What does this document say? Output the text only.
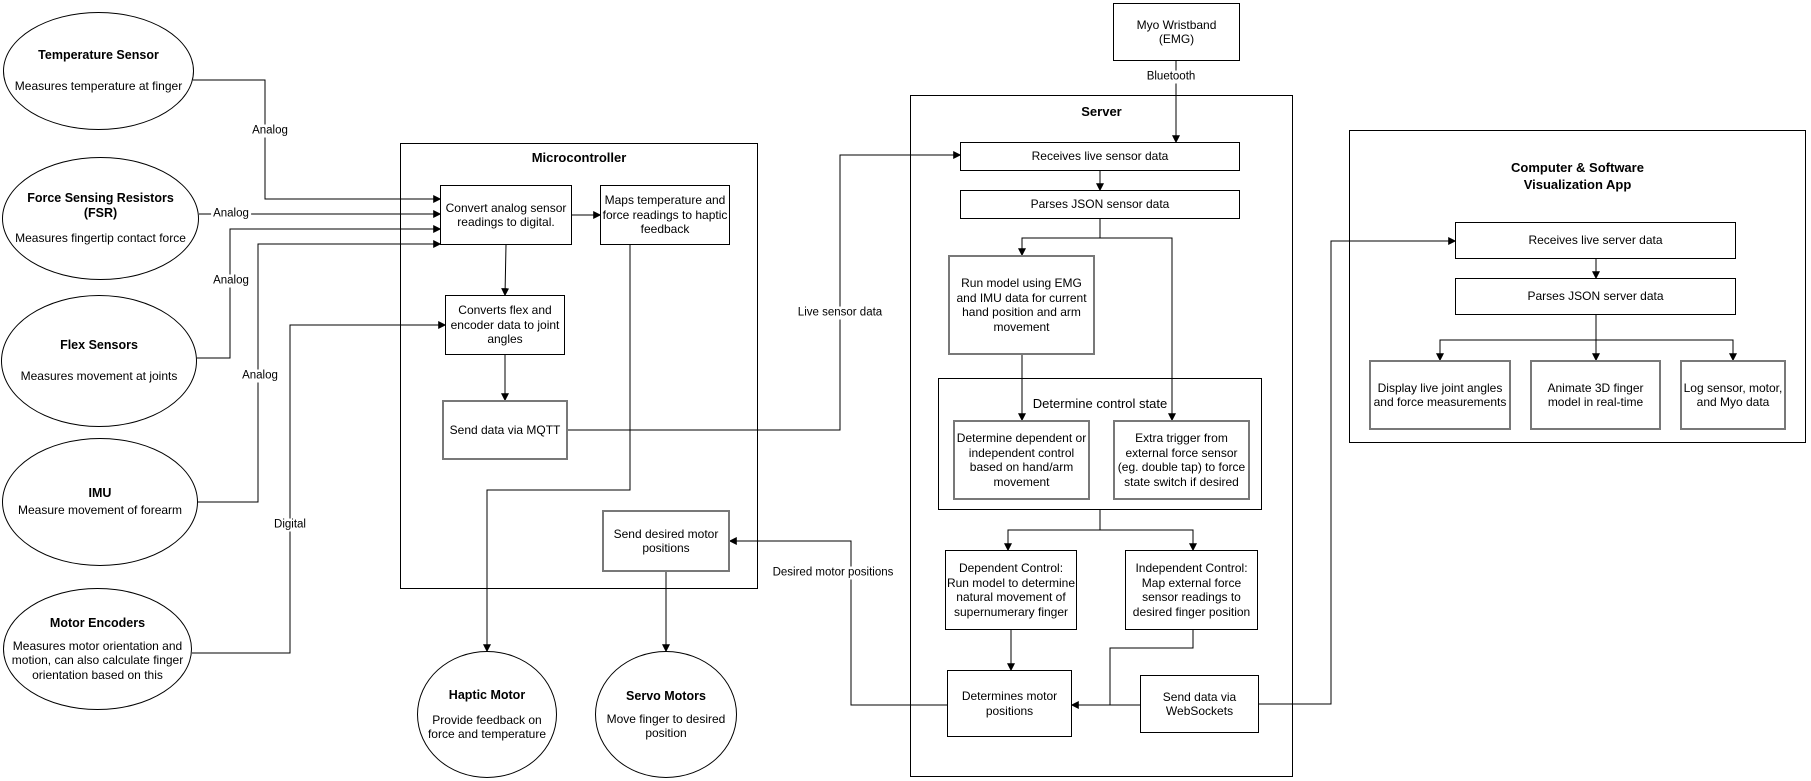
Microcontroller
Server
Computer & Software
Visualization App
Determine control state
Temperature Sensor
Measures temperature at finger
Force Sensing Resistors
(FSR)
Measures fingertip contact force
Flex Sensors
Measures movement at joints
IMU
Measure movement of forearm
Motor Encoders
Measures motor orientation and
motion, can also calculate finger
orientation based on this
Haptic Motor
Provide feedback on
force and temperature
Servo Motors
Move finger to desired
position
Myo Wristband
(EMG)
Convert analog sensor
readings to digital.
Maps temperature and
force readings to haptic
feedback
Converts flex and
encoder data to joint
angles
Send data via MQTT
Send desired motor
positions
Receives live sensor data
Parses JSON sensor data
Run model using EMG
and IMU data for current
hand position and arm
movement
Determine dependent or
independent control
based on hand/arm
movement
Extra trigger from
external force sensor
(eg. double tap) to force
state switch if desired
Dependent Control:
Run model to determine
natural movement of
supernumerary finger
Independent Control:
Map external force
sensor readings to
desired finger position
Determines motor
positions
Send data via
WebSockets
Receives live server data
Parses JSON server data
Display live joint angles
and force measurements
Animate 3D finger
model in real-time
Log sensor, motor,
and Myo data
Analog
Analog
Analog
Analog
Digital
Live sensor data
Bluetooth
Desired motor positions
